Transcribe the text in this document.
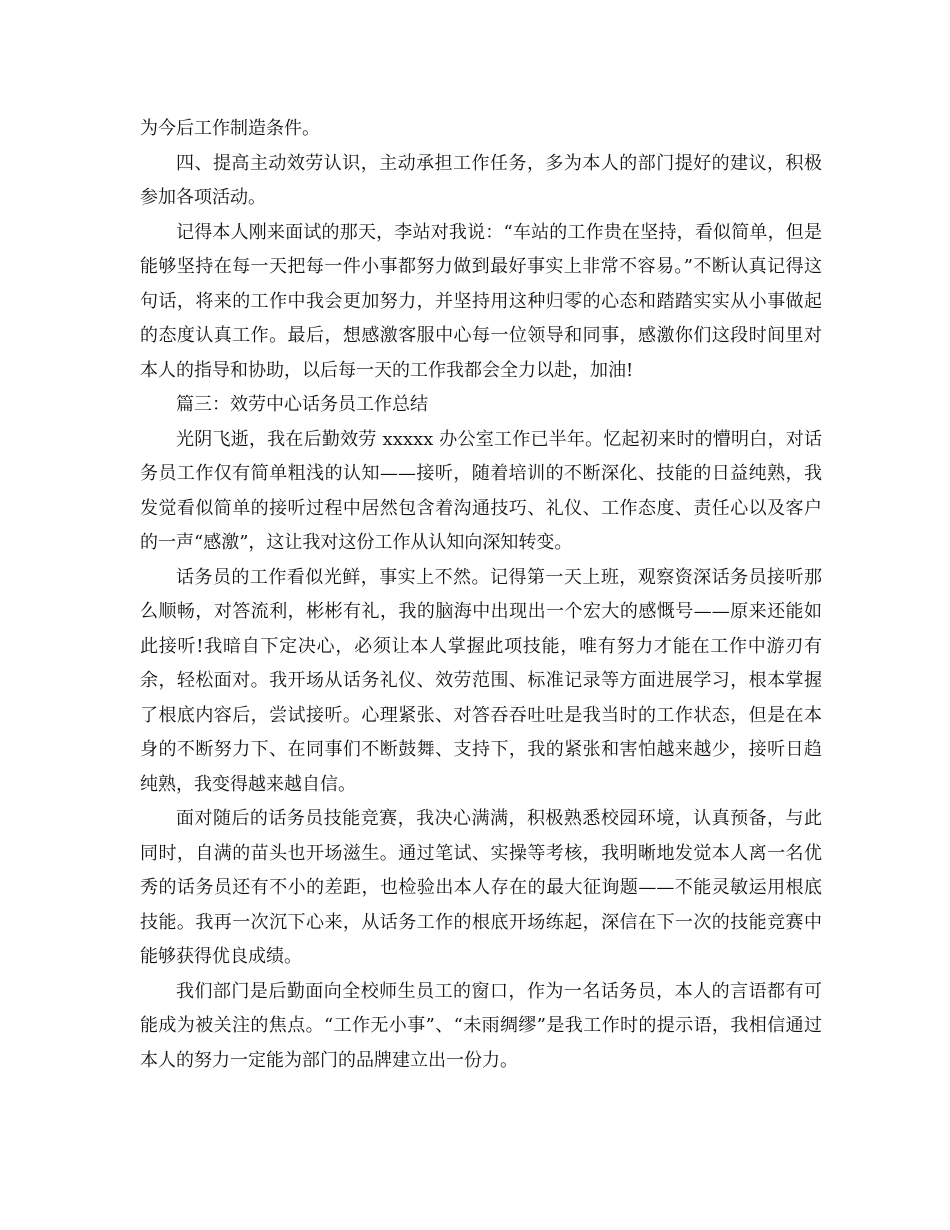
为今后工作制造条件。

四、提高主动效劳认识，主动承担工作任务，多为本人的部门提好的建议，积极参加各项活动。

记得本人刚来面试的那天，李站对我说：“车站的工作贵在坚持，看似简单，但是能够坚持在每一天把每一件小事都努力做到最好事实上非常不容易。”不断认真记得这句话，将来的工作中我会更加努力，并坚持用这种归零的心态和踏踏实实从小事做起的态度认真工作。最后，想感激客服中心每一位领导和同事，感激你们这段时间里对本人的指导和协助，以后每一天的工作我都会全力以赴，加油!

篇三：效劳中心话务员工作总结

光阴飞逝，我在后勤效劳 xxxxx 办公室工作已半年。忆起初来时的懵明白，对话务员工作仅有简单粗浅的认知——接听，随着培训的不断深化、技能的日益纯熟，我发觉看似简单的接听过程中居然包含着沟通技巧、礼仪、工作态度、责任心以及客户的一声“感激”，这让我对这份工作从认知向深知转变。

话务员的工作看似光鲜，事实上不然。记得第一天上班，观察资深话务员接听那么顺畅，对答流利，彬彬有礼，我的脑海中出现出一个宏大的感慨号——原来还能如此接听!我暗自下定决心，必须让本人掌握此项技能，唯有努力才能在工作中游刃有余，轻松面对。我开场从话务礼仪、效劳范围、标准记录等方面进展学习，根本掌握了根底内容后，尝试接听。心理紧张、对答吞吞吐吐是我当时的工作状态，但是在本身的不断努力下、在同事们不断鼓舞、支持下，我的紧张和害怕越来越少，接听日趋纯熟，我变得越来越自信。

面对随后的话务员技能竞赛，我决心满满，积极熟悉校园环境，认真预备，与此同时，自满的苗头也开场滋生。通过笔试、实操等考核，我明晰地发觉本人离一名优秀的话务员还有不小的差距，也检验出本人存在的最大征询题——不能灵敏运用根底技能。我再一次沉下心来，从话务工作的根底开场练起，深信在下一次的技能竞赛中能够获得优良成绩。

我们部门是后勤面向全校师生员工的窗口，作为一名话务员，本人的言语都有可能成为被关注的焦点。“工作无小事”、“未雨绸缪”是我工作时的提示语，我相信通过本人的努力一定能为部门的品牌建立出一份力。
